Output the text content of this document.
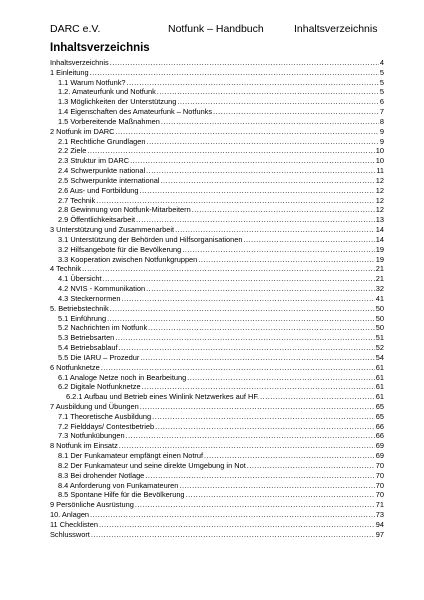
DARC e.V.	Notfunk – Handbuch	Inhaltsverzeichnis
Inhaltsverzeichnis
Inhaltsverzeichnis .....	4
1 Einleitung .....	5
1.1 Warum Notfunk? .....	5
1.2. Amateurfunk und Notfunk .....	5
1.3 Möglichkeiten der Unterstützung .....	6
1.4 Eigenschaften des Amateurfunk – Notfunks .....	7
1.5 Vorbereitende Maßnahmen .....	8
2 Notfunk im DARC .....	9
2.1 Rechtliche Grundlagen .....	9
2.2 Ziele .....	10
2.3 Struktur im DARC .....	10
2.4 Schwerpunkte national .....	11
2.5 Schwerpunkte international .....	12
2.6 Aus- und Fortbildung .....	12
2.7 Technik .....	12
2.8 Gewinnung von Notfunk-Mitarbeitern .....	12
2.9 Öffentlichkeitsarbeit .....	13
3 Unterstützung und Zusammenarbeit .....	14
3.1 Unterstützung der Behörden und Hilfsorganisationen .....	14
3.2 Hilfsangebote für die Bevölkerung .....	19
3.3 Kooperation zwischen Notfunkgruppen .....	19
4 Technik .....	21
4.1 Übersicht .....	21
4.2 NVIS - Kommunikation .....	32
4.3 Steckernormen .....	41
5. Betriebstechnik .....	50
5.1 Einführung .....	50
5.2 Nachrichten im Notfunk .....	50
5.3 Betriebsarten .....	51
5.4 Betriebsablauf .....	52
5.5 Die IARU – Prozedur .....	54
6 Notfunknetze .....	61
6.1 Analoge Netze noch in Bearbeitung .....	61
6.2 Digitale Notfunknetze .....	61
6.2.1 Aufbau und Betrieb eines Winlink Netzwerkes auf HF. .....	61
7 Ausbildung und Übungen .....	65
7.1 Theoretische Ausbildung .....	65
7.2 Fielddays/ Contestbetrieb .....	66
7.3 Notfunkübungen .....	66
8 Notfunk im Einsatz .....	69
8.1 Der Funkamateur empfängt einen Notruf .....	69
8.2 Der Funkamateur und seine direkte Umgebung in Not .....	70
8.3 Bei drohender Notlage .....	70
8.4 Anforderung von Funkamateuren .....	70
8.5 Spontane Hilfe für die Bevölkerung .....	70
9 Persönliche Ausrüstung .....	71
10. Anlagen .....	73
11 Checklisten .....	94
Schlusswort .....	97
